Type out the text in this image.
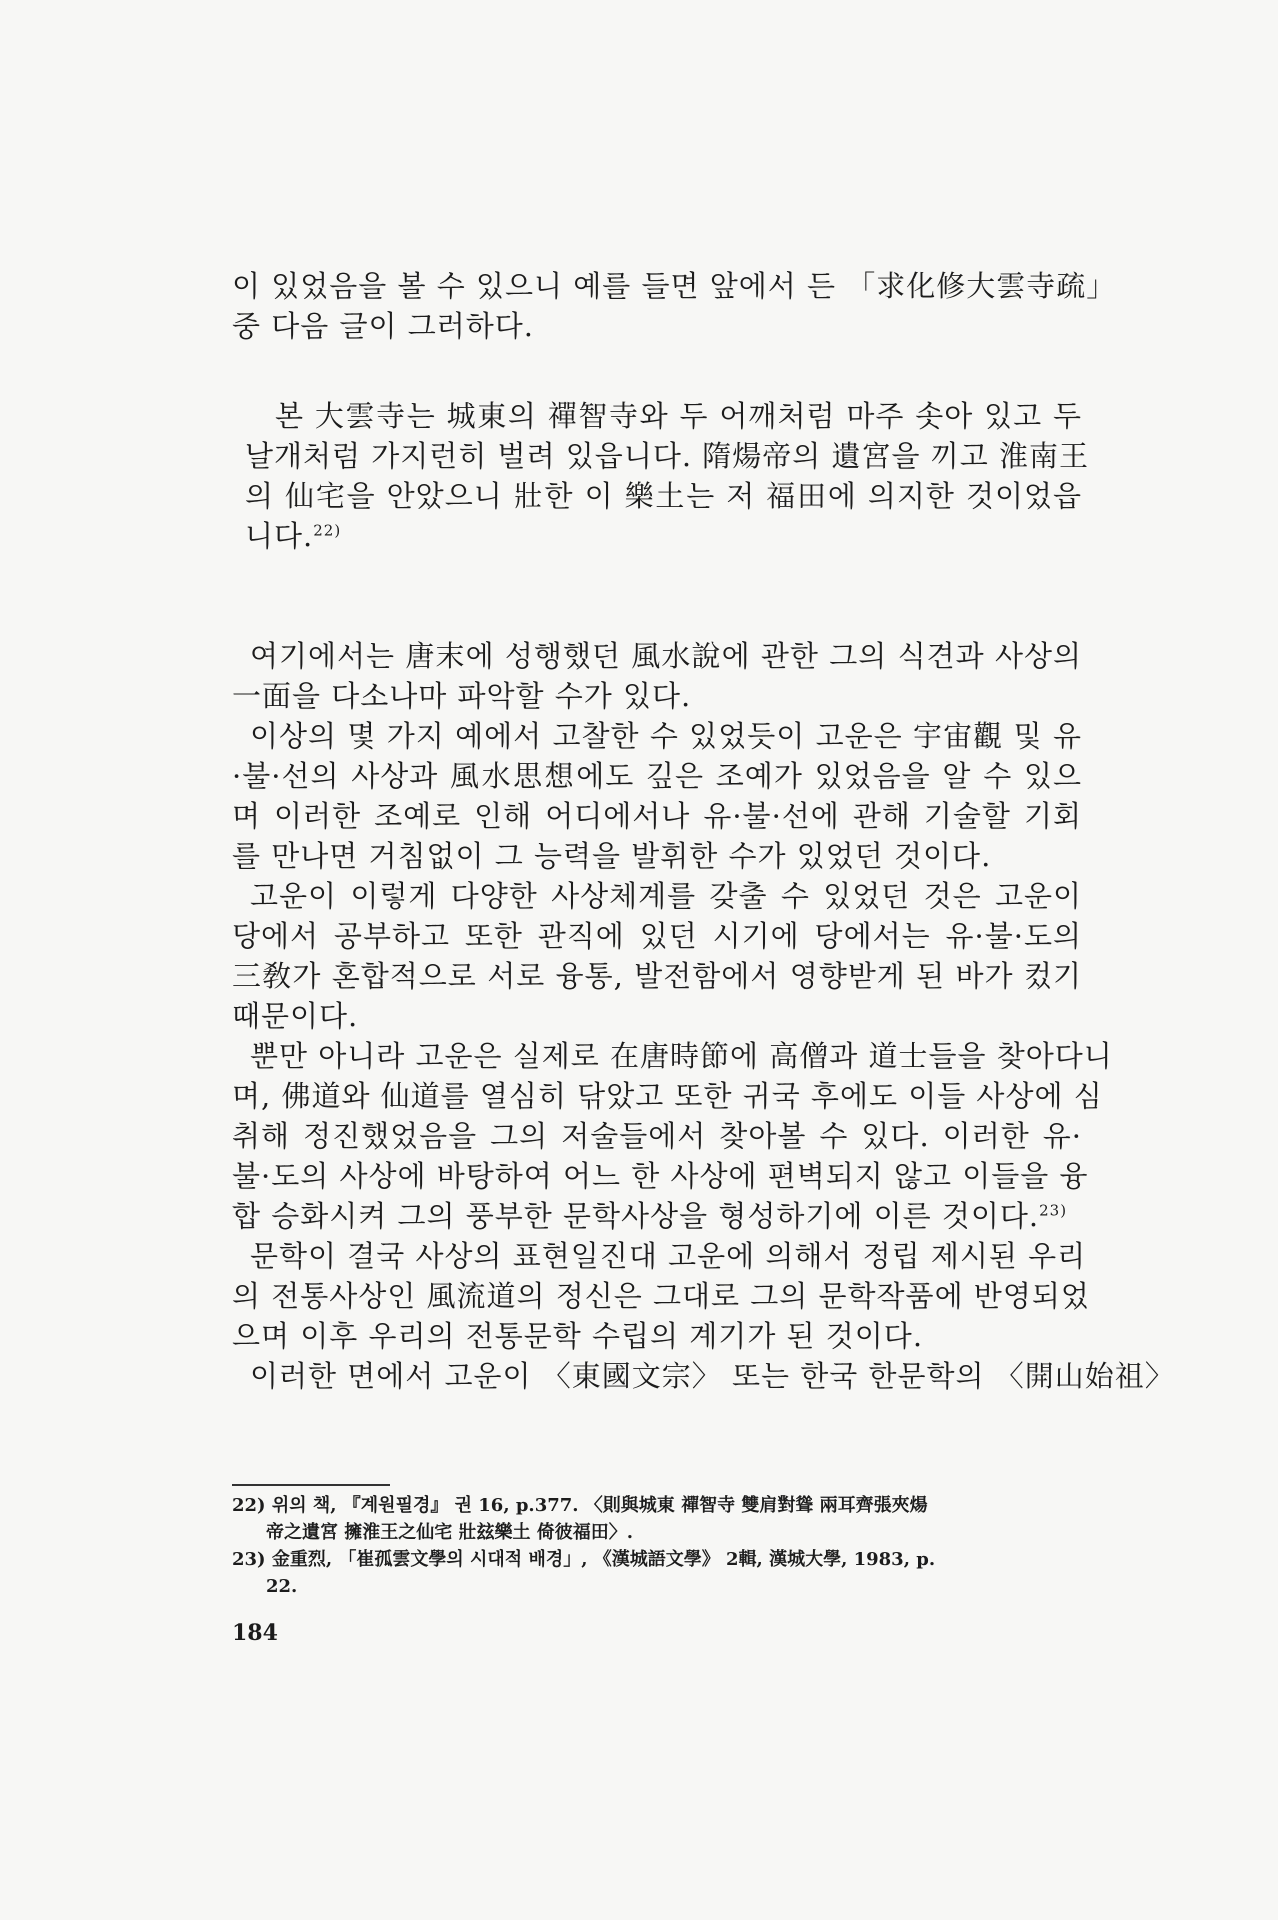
이 있었음을 볼 수 있으니 예를 들면 앞에서 든 「求化修大雲寺疏」
중 다음 글이 그러하다.
본 大雲寺는 城東의 禪智寺와 두 어깨처럼 마주 솟아 있고 두
날개처럼 가지런히 벌려 있읍니다. 隋煬帝의 遺宮을 끼고 淮南王
의 仙宅을 안았으니 壯한 이 樂土는 저 福田에 의지한 것이었읍
니다.$^{22)}$
여기에서는 唐末에 성행했던 風水說에 관한 그의 식견과 사상의
一面을 다소나마 파악할 수가 있다.
이상의 몇 가지 예에서 고찰한 수 있었듯이 고운은 宇宙觀 및 유
·불·선의 사상과 風水思想에도 깊은 조예가 있었음을 알 수 있으
며 이러한 조예로 인해 어디에서나 유·불·선에 관해 기술할 기회
를 만나면 거침없이 그 능력을 발휘한 수가 있었던 것이다.
고운이 이렇게 다양한 사상체계를 갖출 수 있었던 것은 고운이
당에서 공부하고 또한 관직에 있던 시기에 당에서는 유·불·도의
三敎가 혼합적으로 서로 융통, 발전함에서 영향받게 된 바가 컸기
때문이다.
뿐만 아니라 고운은 실제로 在唐時節에 高僧과 道士들을 찾아다니
며, 佛道와 仙道를 열심히 닦았고 또한 귀국 후에도 이들 사상에 심
취해 정진했었음을 그의 저술들에서 찾아볼 수 있다. 이러한 유·
불·도의 사상에 바탕하여 어느 한 사상에 편벽되지 않고 이들을 융
합 승화시켜 그의 풍부한 문학사상을 형성하기에 이른 것이다.$^{23)}$
문학이 결국 사상의 표현일진대 고운에 의해서 정립 제시된 우리
의 전통사상인 風流道의 정신은 그대로 그의 문학작품에 반영되었
으며 이후 우리의 전통문학 수립의 계기가 된 것이다.
이러한 면에서 고운이 〈東國文宗〉 또는 한국 한문학의 〈開山始祖〉
22) 위의 책, 『계원필경』 권 16, p.377. 〈則與城東 禪智寺 雙肩對聳 兩耳齊張夾煬
帝之遺宮 擁淮王之仙宅 壯玆樂土 倚彼福田〉.
23) 金重烈, 「崔孤雲文學의 시대적 배경」, 《漢城語文學》 2輯, 漢城大學, 1983, p.
22.
184
